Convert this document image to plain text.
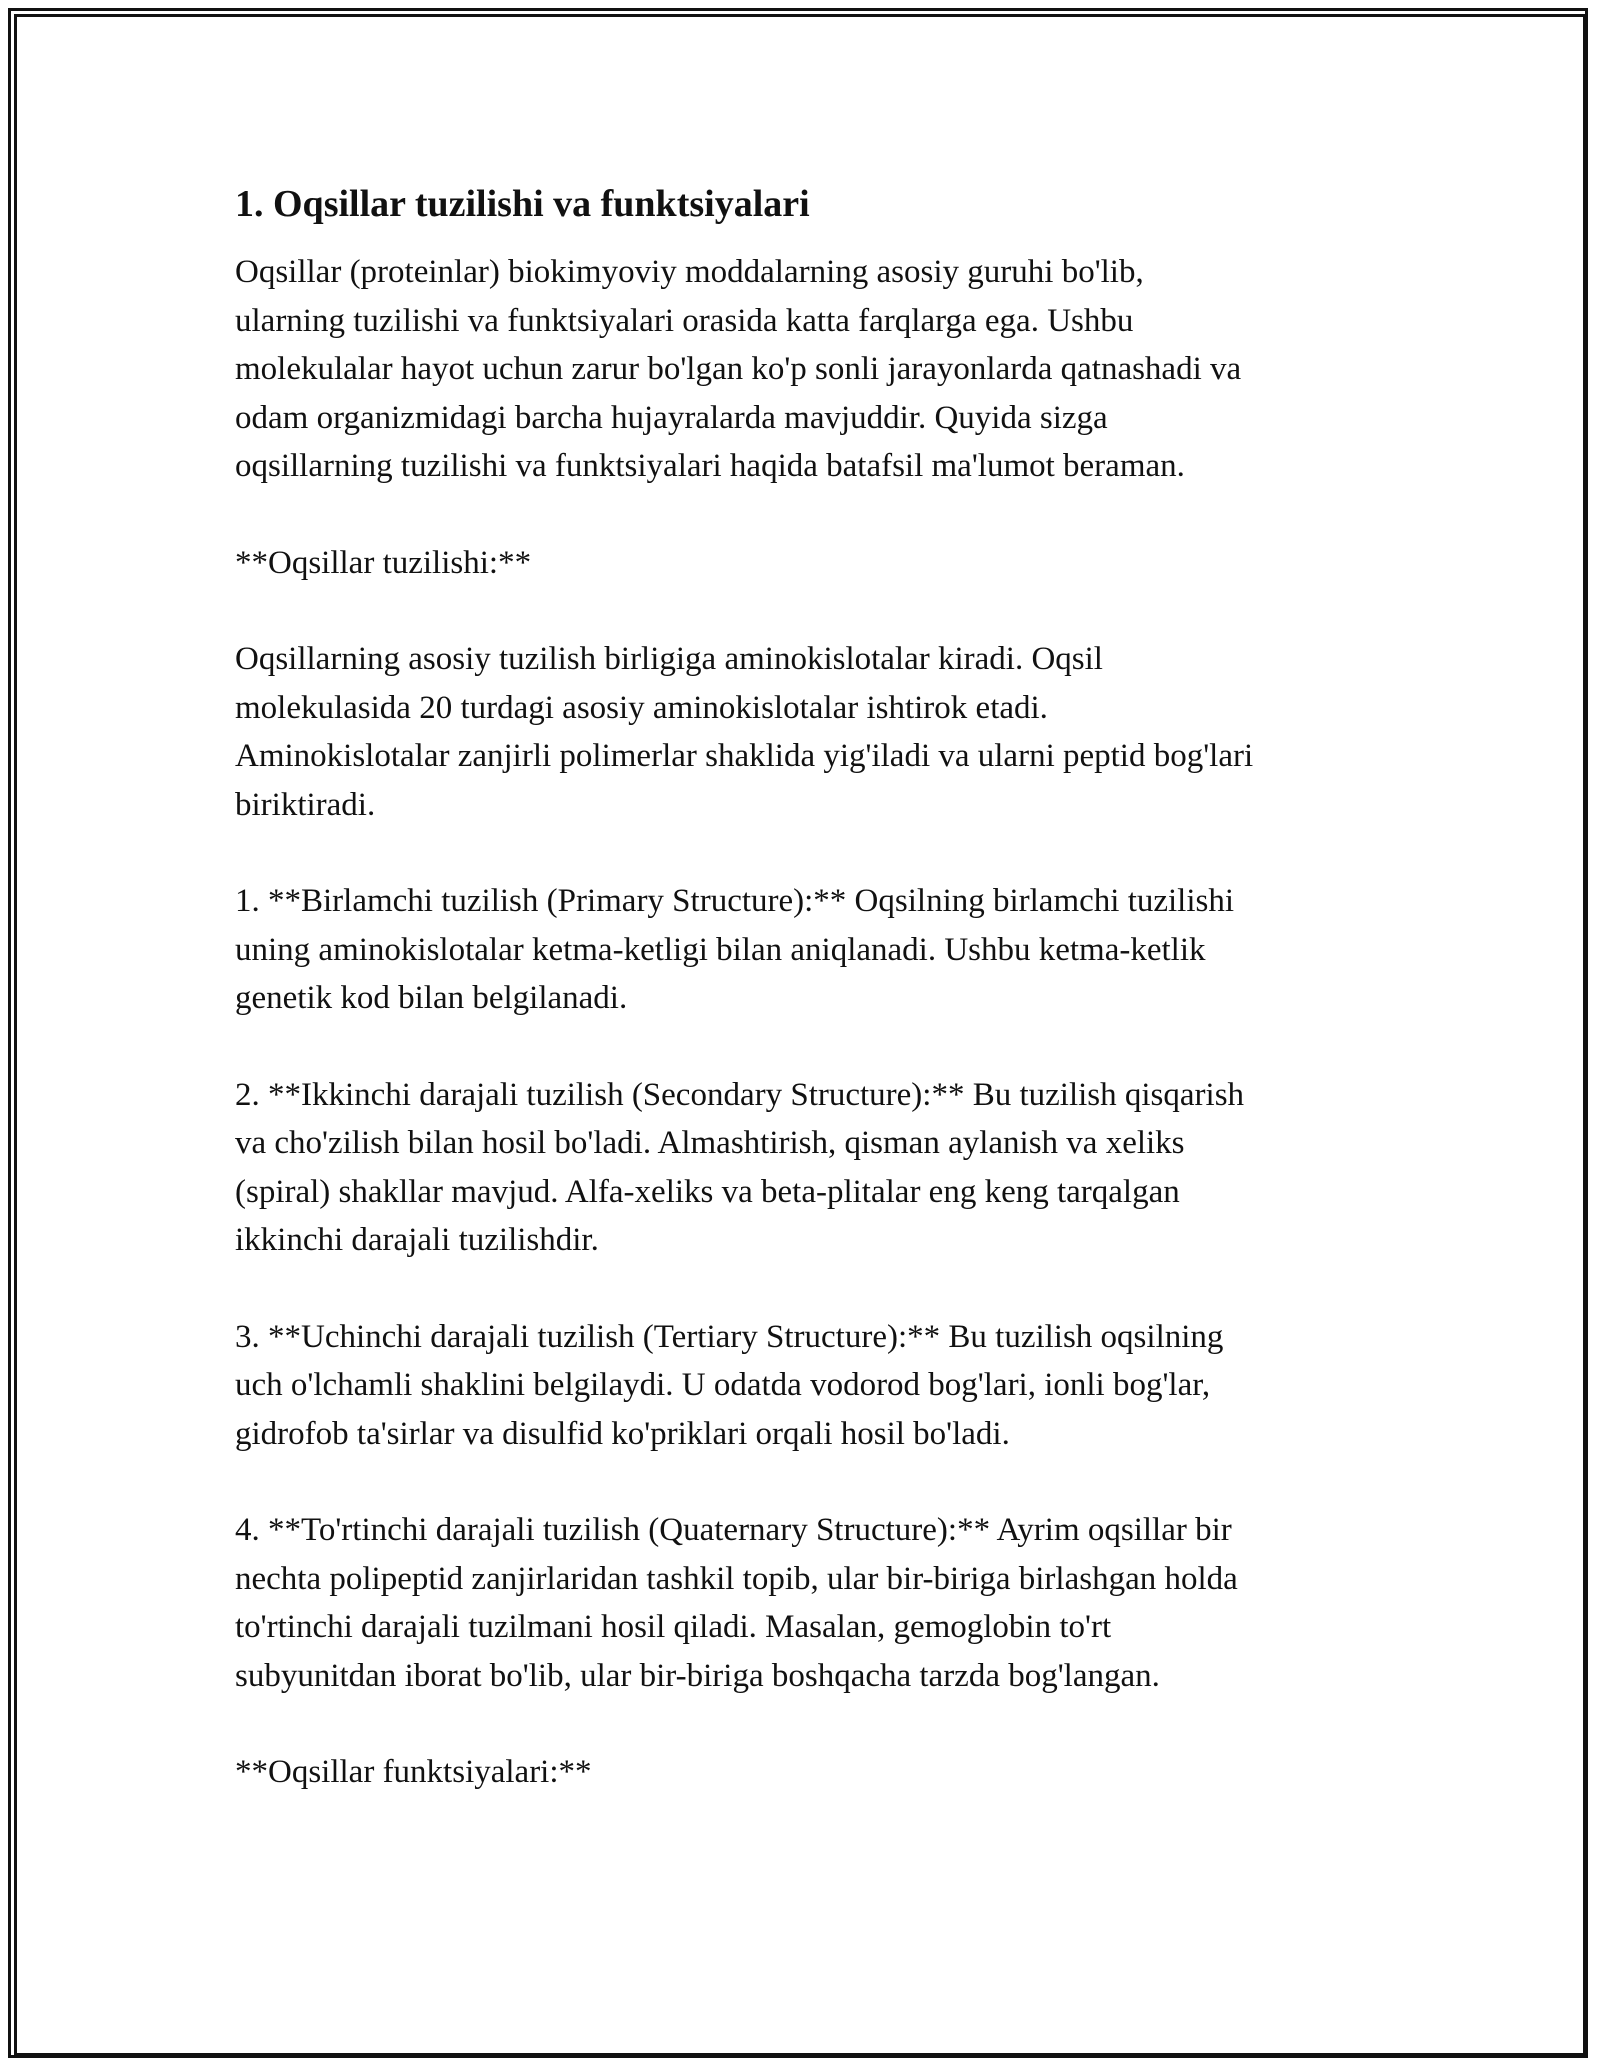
1. Oqsillar tuzilishi va funktsiyalari

Oqsillar (proteinlar) biokimyoviy moddalarning asosiy guruhi bo'lib,
ularning tuzilishi va funktsiyalari orasida katta farqlarga ega. Ushbu
molekulalar hayot uchun zarur bo'lgan ko'p sonli jarayonlarda qatnashadi va
odam organizmidagi barcha hujayralarda mavjuddir. Quyida sizga
oqsillarning tuzilishi va funktsiyalari haqida batafsil ma'lumot beraman.

**Oqsillar tuzilishi:**

Oqsillarning asosiy tuzilish birligiga aminokislotalar kiradi. Oqsil
molekulasida 20 turdagi asosiy aminokislotalar ishtirok etadi.
Aminokislotalar zanjirli polimerlar shaklida yig'iladi va ularni peptid bog'lari
biriktiradi.

1. **Birlamchi tuzilish (Primary Structure):** Oqsilning birlamchi tuzilishi
uning aminokislotalar ketma-ketligi bilan aniqlanadi. Ushbu ketma-ketlik
genetik kod bilan belgilanadi.

2. **Ikkinchi darajali tuzilish (Secondary Structure):** Bu tuzilish qisqarish
va cho'zilish bilan hosil bo'ladi. Almashtirish, qisman aylanish va xeliks
(spiral) shakllar mavjud. Alfa-xeliks va beta-plitalar eng keng tarqalgan
ikkinchi darajali tuzilishdir.

3. **Uchinchi darajali tuzilish (Tertiary Structure):** Bu tuzilish oqsilning
uch o'lchamli shaklini belgilaydi. U odatda vodorod bog'lari, ionli bog'lar,
gidrofob ta'sirlar va disulfid ko'priklari orqali hosil bo'ladi.

4. **To'rtinchi darajali tuzilish (Quaternary Structure):** Ayrim oqsillar bir
nechta polipeptid zanjirlaridan tashkil topib, ular bir-biriga birlashgan holda
to'rtinchi darajali tuzilmani hosil qiladi. Masalan, gemoglobin to'rt
subyunitdan iborat bo'lib, ular bir-biriga boshqacha tarzda bog'langan.

**Oqsillar funktsiyalari:**
